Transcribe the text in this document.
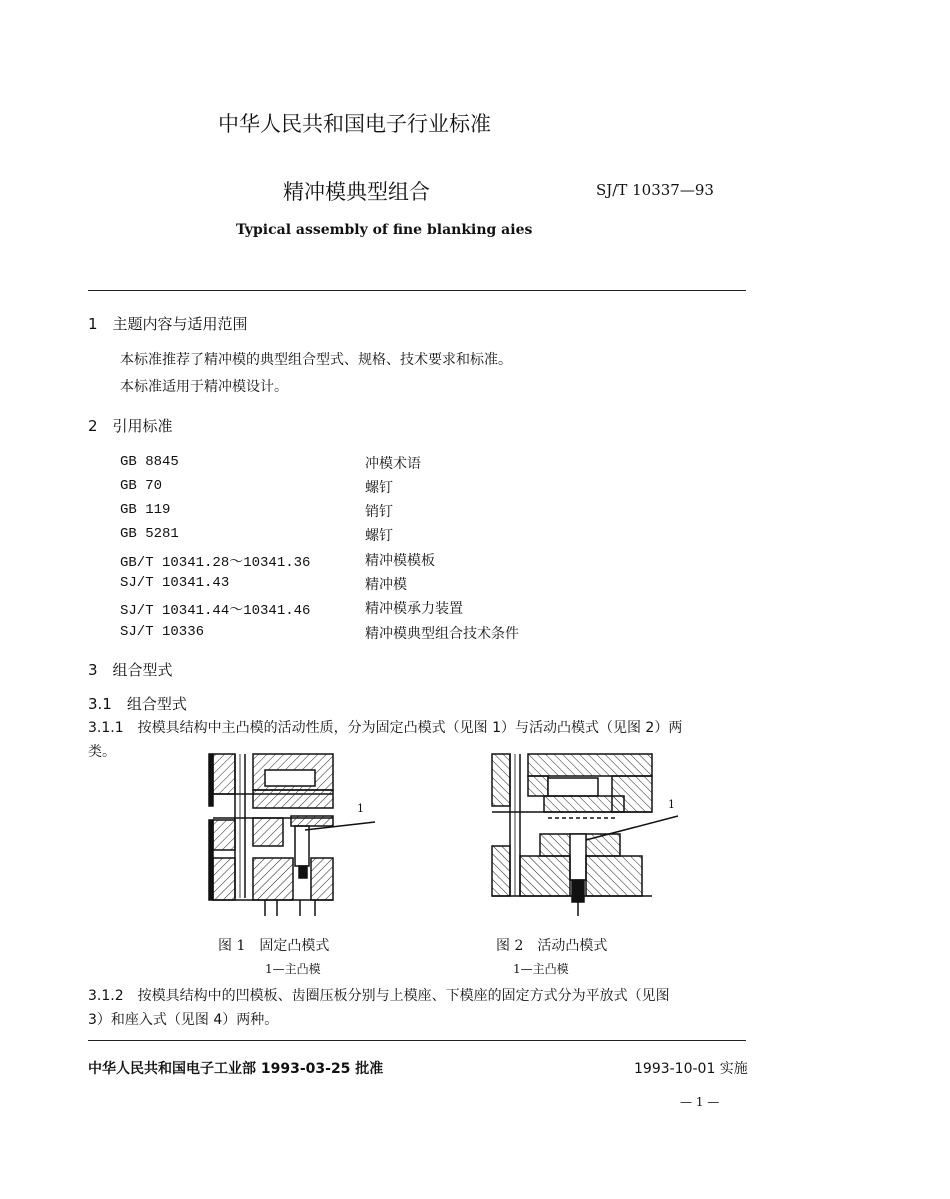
中华人民共和国电子行业标准
精冲模典型组合	SJ/T 10337—93
Typical assembly of fine blanking aies
1　主题内容与适用范围
本标准推荐了精冲模的典型组合型式、规格、技术要求和标准。
本标准适用于精冲模设计。
2　引用标准
GB 8845	冲模术语
GB 70	螺钉
GB 119	销钉
GB 5281	螺钉
GB/T 10341.28～10341.36	精冲模模板
SJ/T 10341.43	精冲模
SJ/T 10341.44～10341.46	精冲模承力装置
SJ/T 10336	精冲模典型组合技术条件
3　组合型式
3.1　组合型式
3.1.1　按模具结构中主凸模的活动性质，分为固定凸模式（见图 1）与活动凸模式（见图 2）两
类。
1	1
图 1　固定凸模式
1—主凸模
图 2　活动凸模式
1—主凸模
3.1.2　按模具结构中的凹模板、齿圈压板分别与上模座、下模座的固定方式分为平放式（见图
3）和座入式（见图 4）两种。
中华人民共和国电子工业部 1993-03-25 批准	1993-10-01 实施
— 1 —
